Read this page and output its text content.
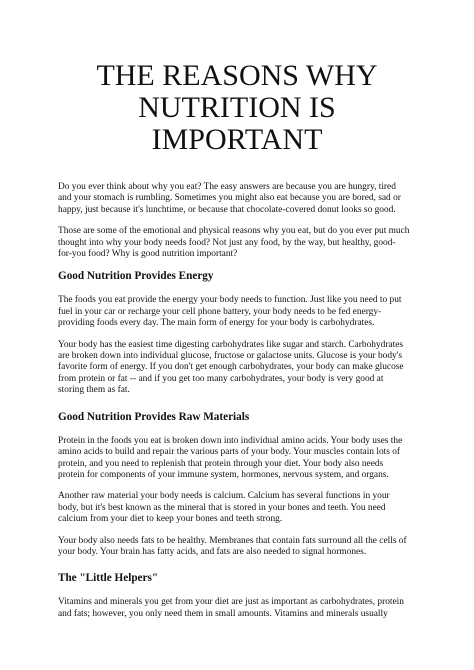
THE REASONS WHY
NUTRITION IS
IMPORTANT

Do you ever think about why you eat? The easy answers are because you are hungry, tired
and your stomach is rumbling. Sometimes you might also eat because you are bored, sad or
happy, just because it's lunchtime, or because that chocolate-covered donut looks so good.

Those are some of the emotional and physical reasons why you eat, but do you ever put much
thought into why your body needs food? Not just any food, by the way, but healthy, good-
for-you food? Why is good nutrition important?

Good Nutrition Provides Energy

The foods you eat provide the energy your body needs to function. Just like you need to put
fuel in your car or recharge your cell phone battery, your body needs to be fed energy-
providing foods every day. The main form of energy for your body is carbohydrates.

Your body has the easiest time digesting carbohydrates like sugar and starch. Carbohydrates
are broken down into individual glucose, fructose or galactose units. Glucose is your body's
favorite form of energy. If you don't get enough carbohydrates, your body can make glucose
from protein or fat -- and if you get too many carbohydrates, your body is very good at
storing them as fat.

Good Nutrition Provides Raw Materials

Protein in the foods you eat is broken down into individual amino acids. Your body uses the
amino acids to build and repair the various parts of your body. Your muscles contain lots of
protein, and you need to replenish that protein through your diet. Your body also needs
protein for components of your immune system, hormones, nervous system, and organs.

Another raw material your body needs is calcium. Calcium has several functions in your
body, but it's best known as the mineral that is stored in your bones and teeth. You need
calcium from your diet to keep your bones and teeth strong.

Your body also needs fats to be healthy. Membranes that contain fats surround all the cells of
your body. Your brain has fatty acids, and fats are also needed to signal hormones.

The "Little Helpers"

Vitamins and minerals you get from your diet are just as important as carbohydrates, protein
and fats; however, you only need them in small amounts. Vitamins and minerals usually
